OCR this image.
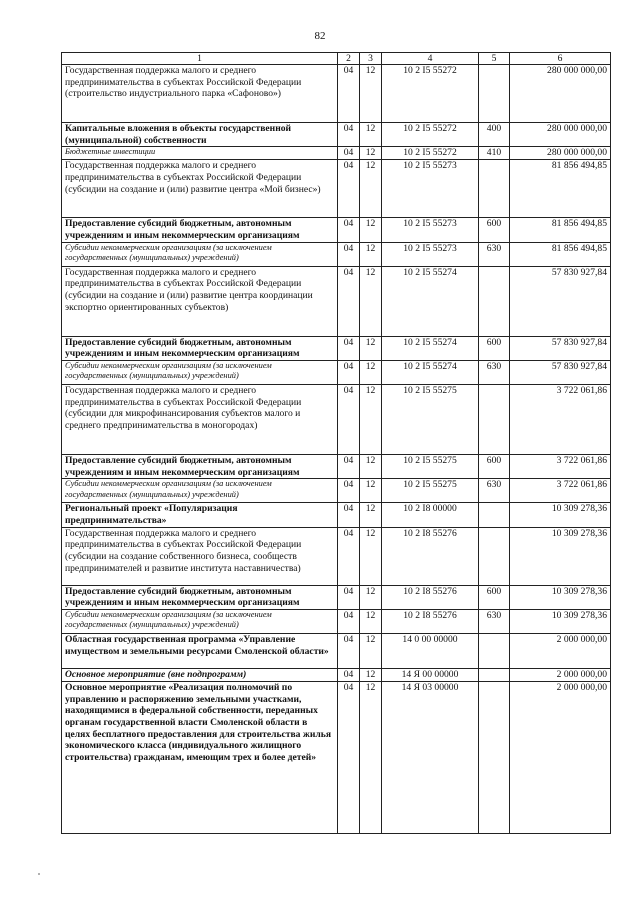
82
1	2	3	4	5	6
Государственная поддержка малого и среднего предпринимательства в субъектах Российской Федерации (строительство индустриального парка «Сафоново»)	04	12	10 2 I5 55272		280 000 000,00
Капитальные вложения в объекты государственной (муниципальной) собственности	04	12	10 2 I5 55272	400	280 000 000,00
Бюджетные инвестиции	04	12	10 2 I5 55272	410	280 000 000,00
Государственная поддержка малого и среднего предпринимательства в субъектах Российской Федерации (субсидии на создание и (или) развитие центра «Мой бизнес»)	04	12	10 2 I5 55273		81 856 494,85
Предоставление субсидий бюджетным, автономным учреждениям и иным некоммерческим организациям	04	12	10 2 I5 55273	600	81 856 494,85
Субсидии некоммерческим организациям (за исключением государственных (муниципальных) учреждений)	04	12	10 2 I5 55273	630	81 856 494,85
Государственная поддержка малого и среднего предпринимательства в субъектах Российской Федерации (субсидии на создание и (или) развитие центра координации экспортно ориентированных субъектов)	04	12	10 2 I5 55274		57 830 927,84
Предоставление субсидий бюджетным, автономным учреждениям и иным некоммерческим организациям	04	12	10 2 I5 55274	600	57 830 927,84
Субсидии некоммерческим организациям (за исключением государственных (муниципальных) учреждений)	04	12	10 2 I5 55274	630	57 830 927,84
Государственная поддержка малого и среднего предпринимательства в субъектах Российской Федерации (субсидии для микрофинансирования субъектов малого и среднего предпринимательства в моногородах)	04	12	10 2 I5 55275		3 722 061,86
Предоставление субсидий бюджетным, автономным учреждениям и иным некоммерческим организациям	04	12	10 2 I5 55275	600	3 722 061,86
Субсидии некоммерческим организациям (за исключением государственных (муниципальных) учреждений)	04	12	10 2 I5 55275	630	3 722 061,86
Региональный проект «Популяризация предпринимательства»	04	12	10 2 I8 00000		10 309 278,36
Государственная поддержка малого и среднего предпринимательства в субъектах Российской Федерации (субсидии на создание собственного бизнеса, сообществ предпринимателей и развитие института наставничества)	04	12	10 2 I8 55276		10 309 278,36
Предоставление субсидий бюджетным, автономным учреждениям и иным некоммерческим организациям	04	12	10 2 I8 55276	600	10 309 278,36
Субсидии некоммерческим организациям (за исключением государственных (муниципальных) учреждений)	04	12	10 2 I8 55276	630	10 309 278,36
Областная государственная программа «Управление имуществом и земельными ресурсами Смоленской области»	04	12	14 0 00 00000		2 000 000,00
Основное мероприятие (вне подпрограмм)	04	12	14 Я 00 00000		2 000 000,00
Основное мероприятие «Реализация полномочий по управлению и распоряжению земельными участками, находящимися в федеральной собственности, переданных органам государственной власти Смоленской области в целях бесплатного предоставления для строительства жилья экономического класса (индивидуального жилищного строительства) гражданам, имеющим трех и более детей»	04	12	14 Я 03 00000		2 000 000,00
